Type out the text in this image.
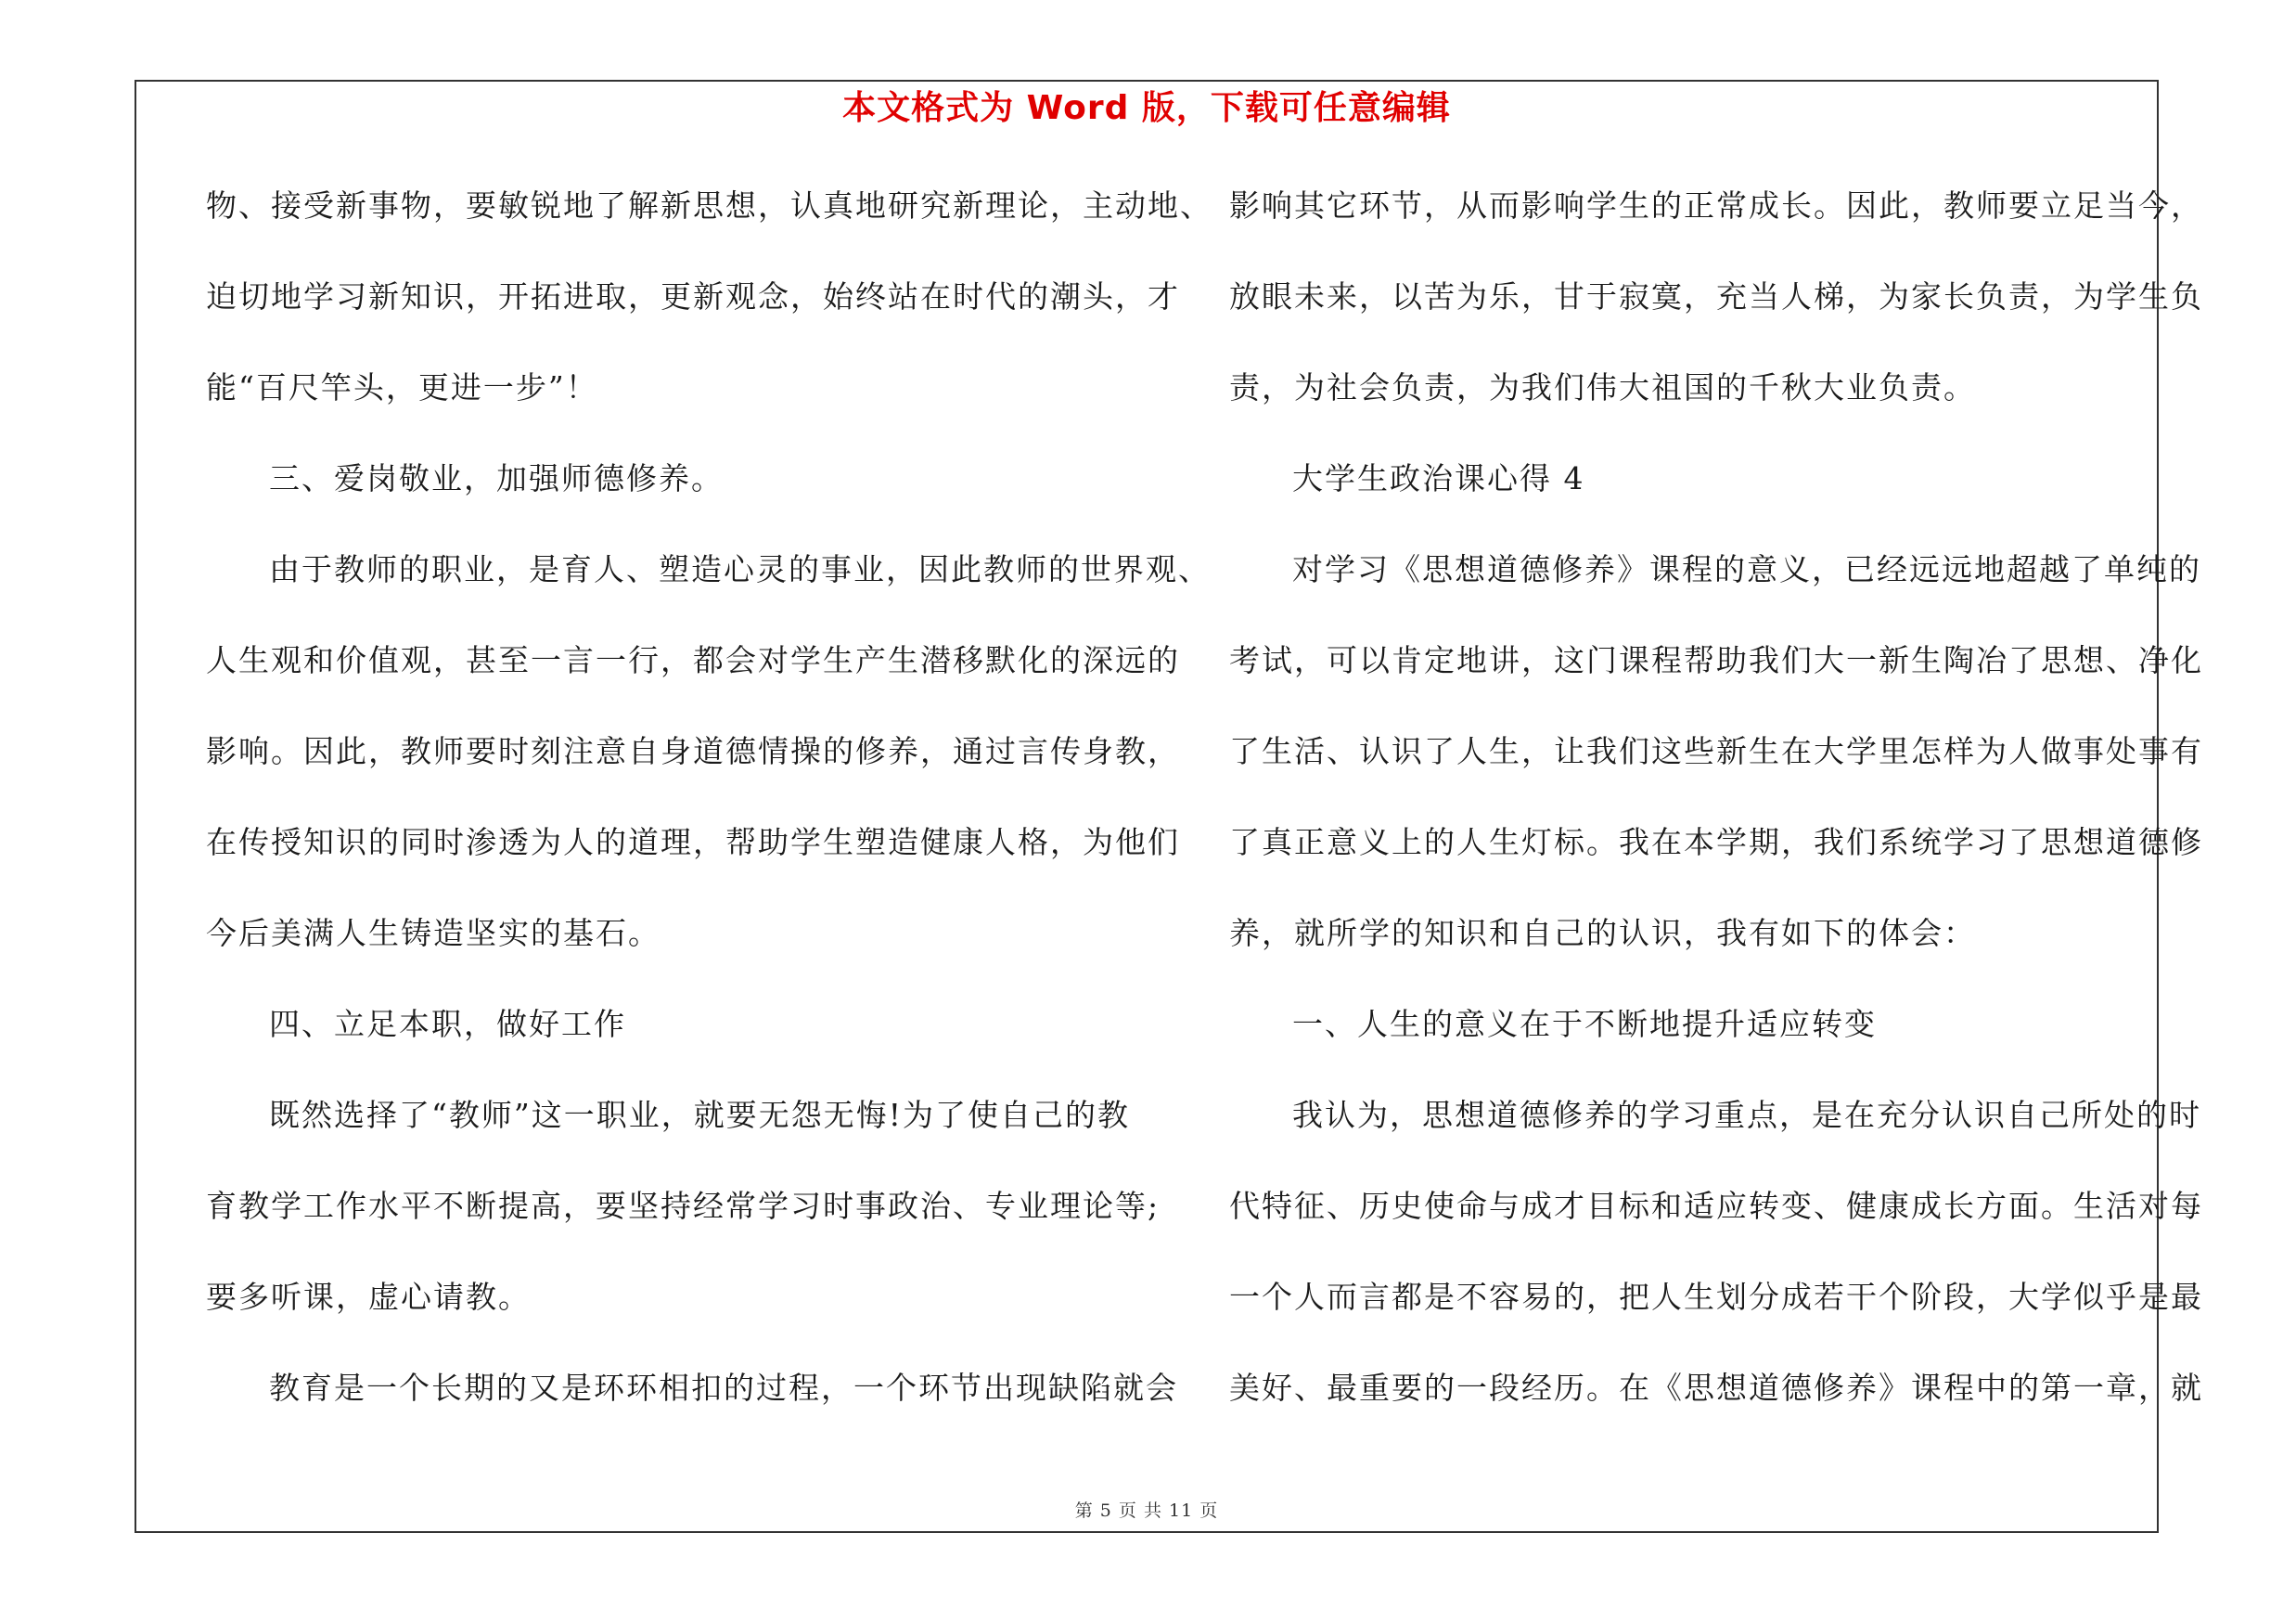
本文格式为 Word 版，下载可任意编辑
物、接受新事物，要敏锐地了解新思想，认真地研究新理论，主动地、
迫切地学习新知识，开拓进取，更新观念，始终站在时代的潮头，才
能“百尺竿头，更进一步”！
三、爱岗敬业，加强师德修养。
由于教师的职业，是育人、塑造心灵的事业，因此教师的世界观、
人生观和价值观，甚至一言一行，都会对学生产生潜移默化的深远的
影响。因此，教师要时刻注意自身道德情操的修养，通过言传身教，
在传授知识的同时渗透为人的道理，帮助学生塑造健康人格，为他们
今后美满人生铸造坚实的基石。
四、立足本职，做好工作
既然选择了“教师”这一职业，就要无怨无悔!为了使自己的教
育教学工作水平不断提高，要坚持经常学习时事政治、专业理论等;
要多听课，虚心请教。
教育是一个长期的又是环环相扣的过程，一个环节出现缺陷就会
影响其它环节，从而影响学生的正常成长。因此，教师要立足当今，
放眼未来，以苦为乐，甘于寂寞，充当人梯，为家长负责，为学生负
责，为社会负责，为我们伟大祖国的千秋大业负责。
大学生政治课心得 4
对学习《思想道德修养》课程的意义，已经远远地超越了单纯的
考试，可以肯定地讲，这门课程帮助我们大一新生陶冶了思想、净化
了生活、认识了人生，让我们这些新生在大学里怎样为人做事处事有
了真正意义上的人生灯标。我在本学期，我们系统学习了思想道德修
养，就所学的知识和自己的认识，我有如下的体会：
一、人生的意义在于不断地提升适应转变
我认为，思想道德修养的学习重点，是在充分认识自己所处的时
代特征、历史使命与成才目标和适应转变、健康成长方面。生活对每
一个人而言都是不容易的，把人生划分成若干个阶段，大学似乎是最
美好、最重要的一段经历。在《思想道德修养》课程中的第一章，就
第 5 页 共 11 页
